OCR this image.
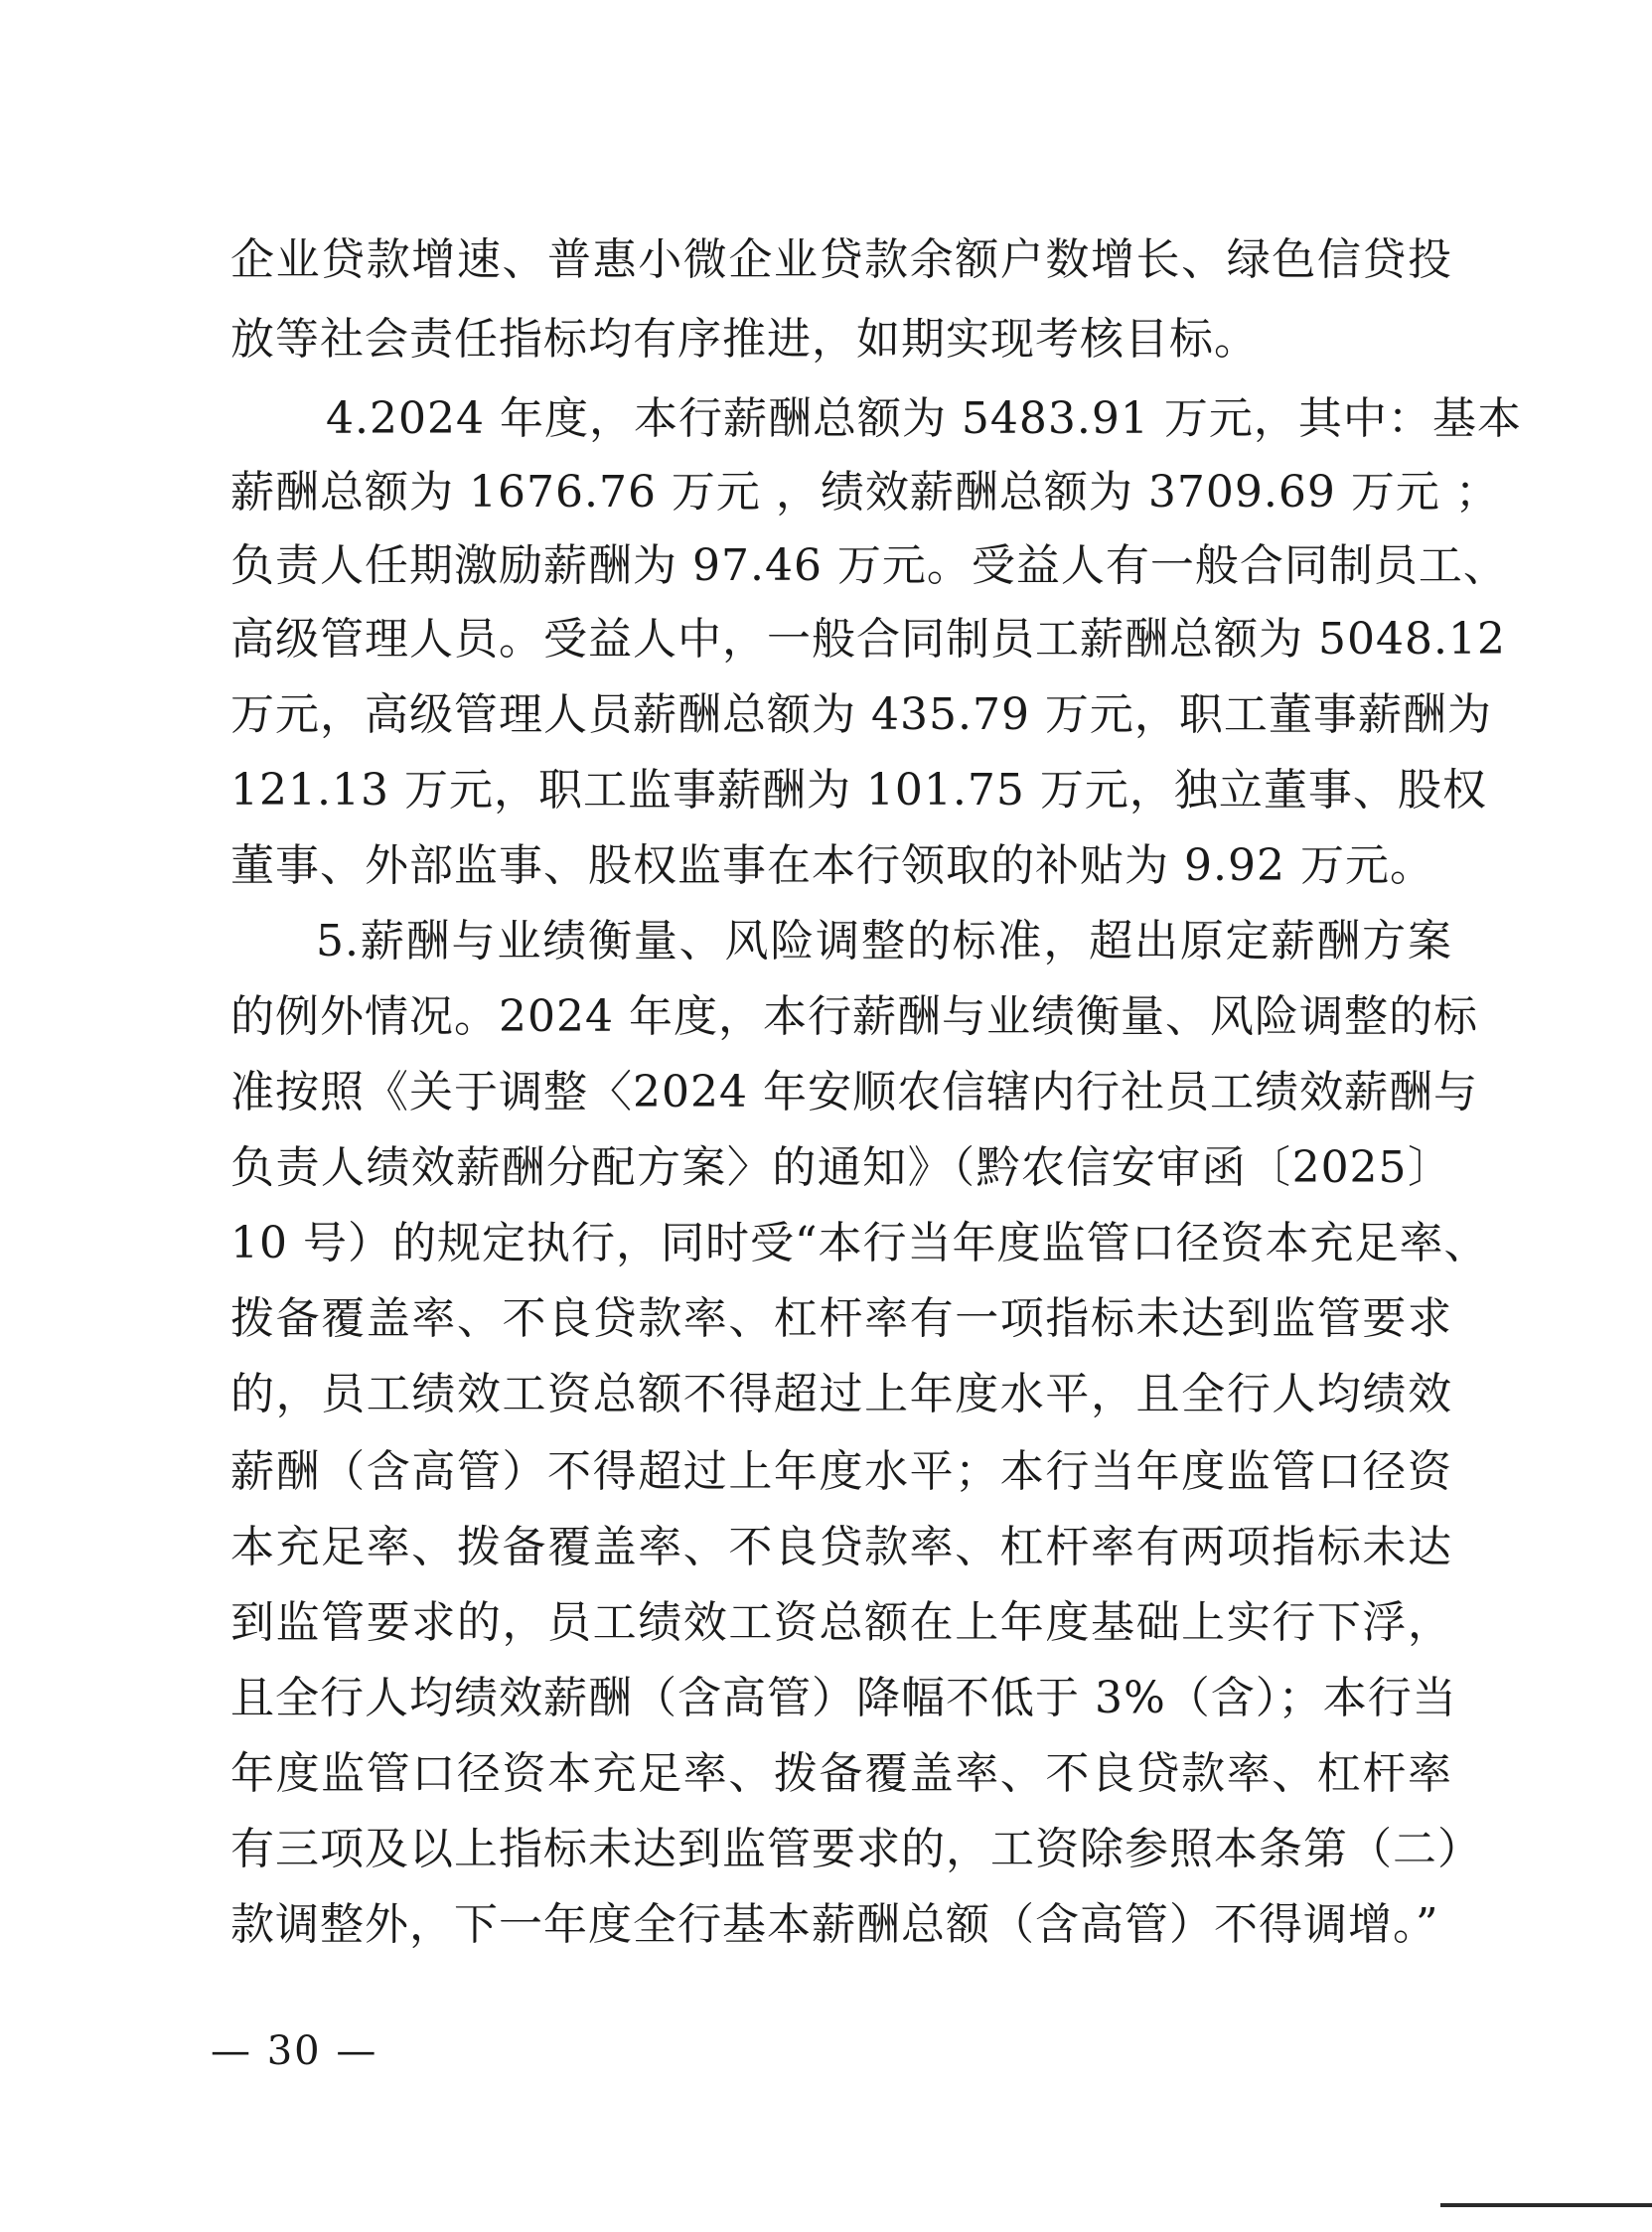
企业贷款增速、普惠小微企业贷款余额户数增长、绿色信贷投
放等社会责任指标均有序推进，如期实现考核目标。
4.2024 年度，本行薪酬总额为 5483.91 万元，其中：基本
薪酬总额为 1676.76 万元 ，绩效薪酬总额为 3709.69 万元 ；
负责人任期激励薪酬为 97.46 万元。受益人有一般合同制员工、
高级管理人员。受益人中，一般合同制员工薪酬总额为 5048.12
万元，高级管理人员薪酬总额为 435.79 万元，职工董事薪酬为
121.13 万元，职工监事薪酬为 101.75 万元，独立董事、股权
董事、外部监事、股权监事在本行领取的补贴为 9.92 万元。
5.薪酬与业绩衡量、风险调整的标准，超出原定薪酬方案
的例外情况。2024 年度，本行薪酬与业绩衡量、风险调整的标
准按照《关于调整〈2024 年安顺农信辖内行社员工绩效薪酬与
负责人绩效薪酬分配方案〉的通知》（黔农信安审函〔2025〕
10 号）的规定执行，同时受“本行当年度监管口径资本充足率、
拨备覆盖率、不良贷款率、杠杆率有一项指标未达到监管要求
的，员工绩效工资总额不得超过上年度水平，且全行人均绩效
薪酬（含高管）不得超过上年度水平；本行当年度监管口径资
本充足率、拨备覆盖率、不良贷款率、杠杆率有两项指标未达
到监管要求的，员工绩效工资总额在上年度基础上实行下浮，
且全行人均绩效薪酬（含高管）降幅不低于 3%（含）；本行当
年度监管口径资本充足率、拨备覆盖率、不良贷款率、杠杆率
有三项及以上指标未达到监管要求的，工资除参照本条第（二）
款调整外，下一年度全行基本薪酬总额（含高管）不得调增。”
— 30 —
